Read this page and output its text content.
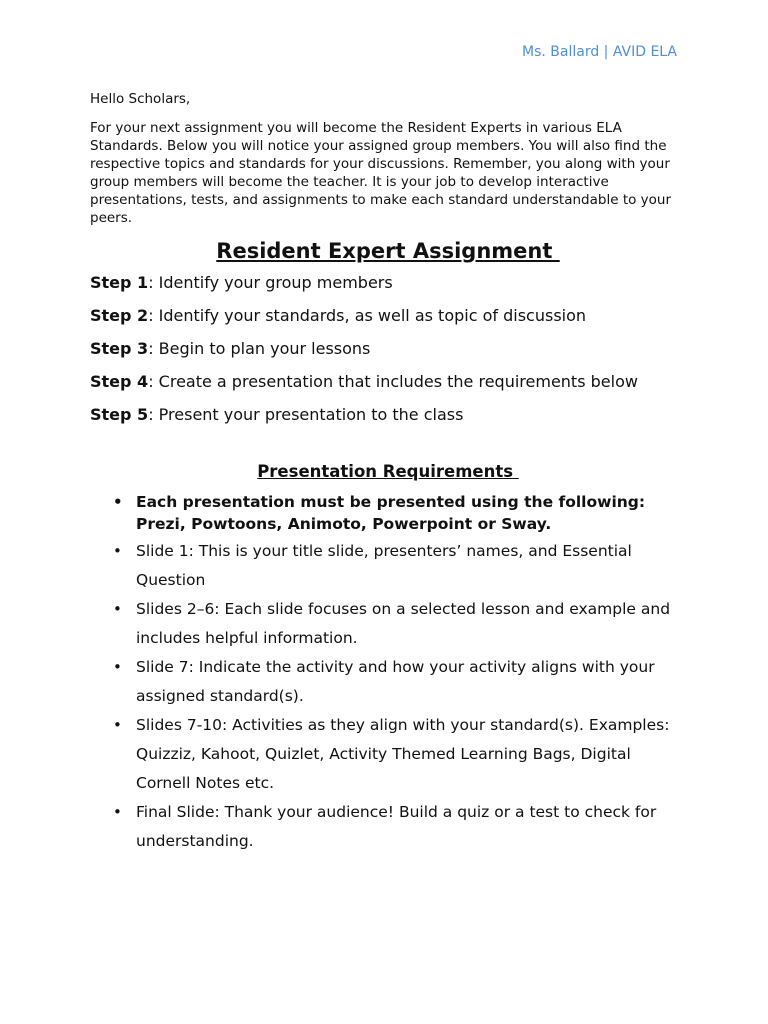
Ms. Ballard | AVID ELA

Hello Scholars,

For your next assignment you will become the Resident Experts in various ELA Standards. Below you will notice your assigned group members. You will also find the respective topics and standards for your discussions. Remember, you along with your group members will become the teacher. It is your job to develop interactive presentations, tests, and assignments to make each standard understandable to your peers.

Resident Expert Assignment
Step 1: Identify your group members
Step 2: Identify your standards, as well as topic of discussion
Step 3: Begin to plan your lessons
Step 4: Create a presentation that includes the requirements below
Step 5: Present your presentation to the class
Presentation Requirements
• Each presentation must be presented using the following: Prezi, Powtoons, Animoto, Powerpoint or Sway.
• Slide 1: This is your title slide, presenters’ names, and Essential Question
• Slides 2–6: Each slide focuses on a selected lesson and example and includes helpful information.
• Slide 7: Indicate the activity and how your activity aligns with your assigned standard(s).
• Slides 7-10: Activities as they align with your standard(s). Examples: Quizziz, Kahoot, Quizlet, Activity Themed Learning Bags, Digital Cornell Notes etc.
• Final Slide: Thank your audience! Build a quiz or a test to check for understanding.
